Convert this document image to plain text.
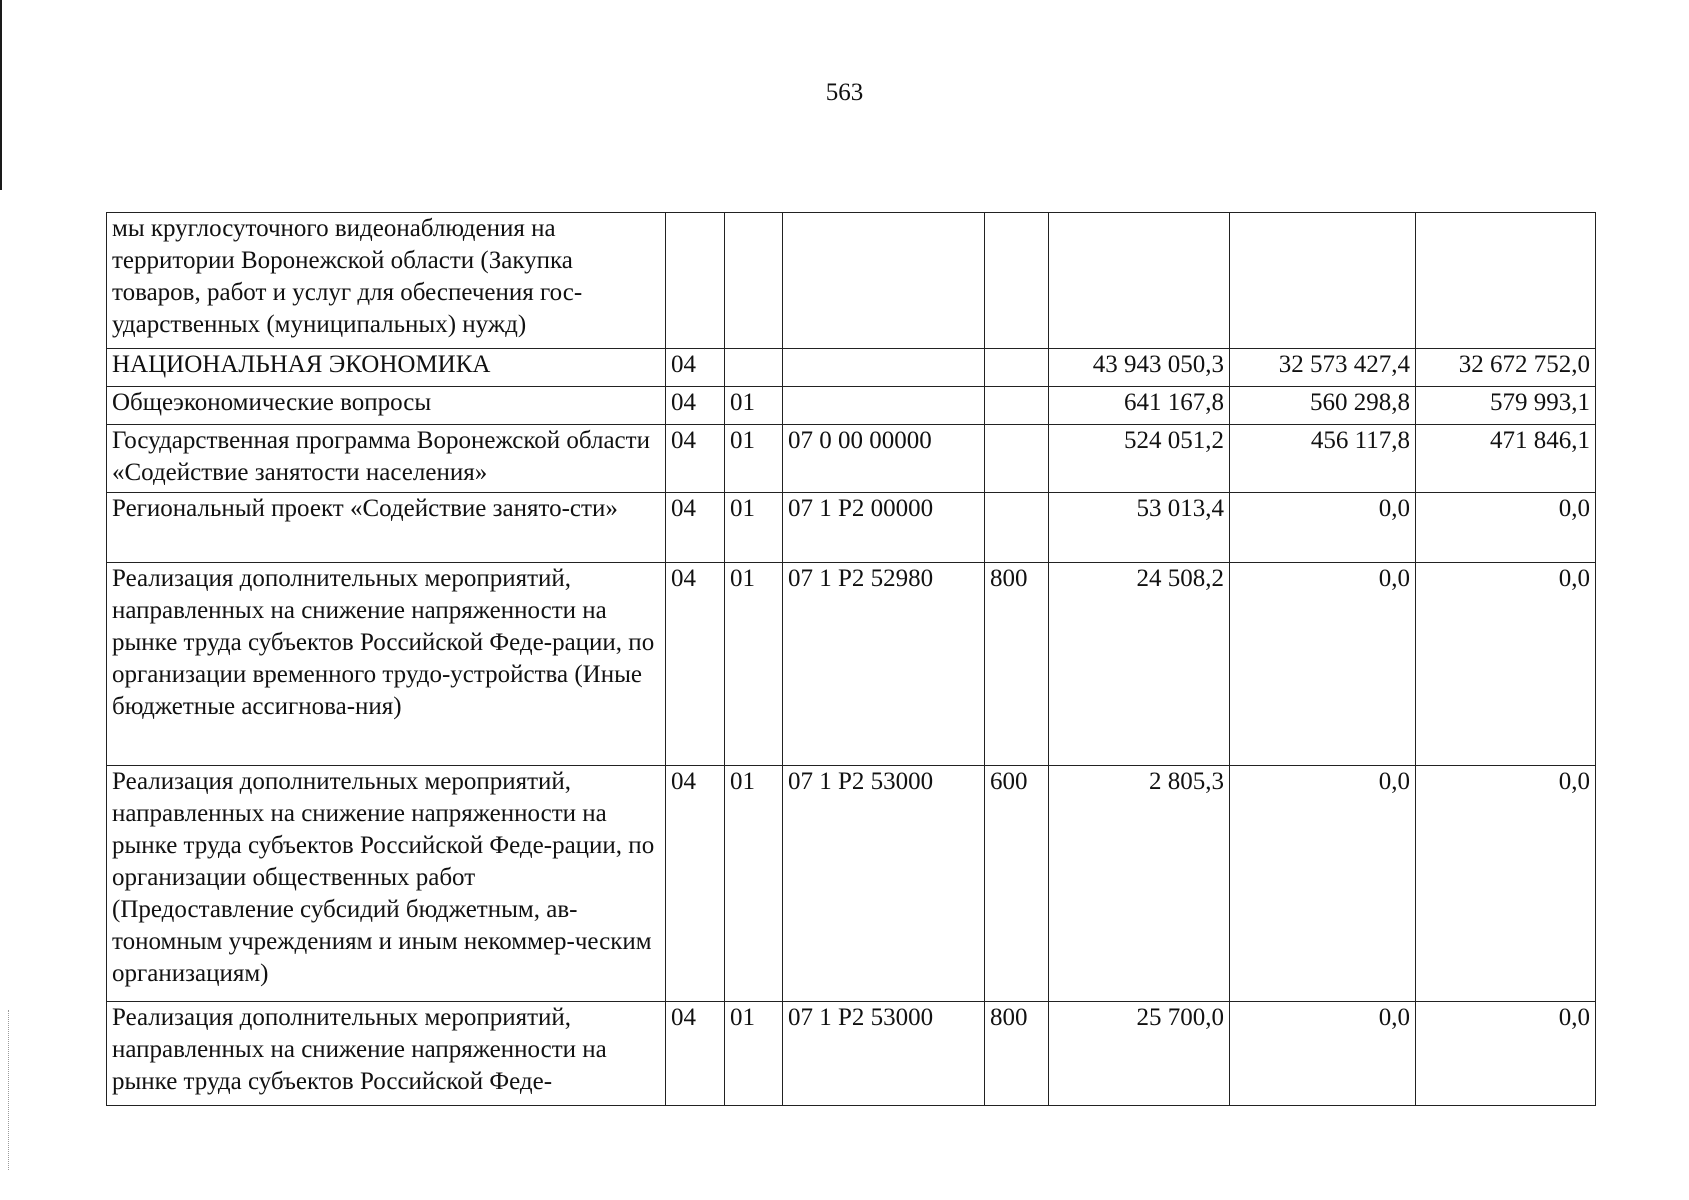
563
мы круглосуточного видеонаблюдения на территории Воронежской области (Закупка товаров, работ и услуг для обеспечения гос-ударственных (муниципальных) нужд)							
НАЦИОНАЛЬНАЯ ЭКОНОМИКА	04				43 943 050,3	32 573 427,4	32 672 752,0
Общеэкономические вопросы	04	01			641 167,8	560 298,8	579 993,1
Государственная программа Воронежской области «Содействие занятости населения»	04	01	07 0 00 00000		524 051,2	456 117,8	471 846,1
Региональный проект «Содействие занято-сти»	04	01	07 1 Р2 00000		53 013,4	0,0	0,0
Реализация дополнительных мероприятий, направленных на снижение напряженности на рынке труда субъектов Российской Феде-рации, по организации временного трудо-устройства (Иные бюджетные ассигнова-ния)	04	01	07 1 Р2 52980	800	24 508,2	0,0	0,0
Реализация дополнительных мероприятий, направленных на снижение напряженности на рынке труда субъектов Российской Феде-рации, по организации общественных работ (Предоставление субсидий бюджетным, ав-тономным учреждениям и иным некоммер-ческим организациям)	04	01	07 1 Р2 53000	600	2 805,3	0,0	0,0
Реализация дополнительных мероприятий, направленных на снижение напряженности на рынке труда субъектов Российской Феде-	04	01	07 1 Р2 53000	800	25 700,0	0,0	0,0
